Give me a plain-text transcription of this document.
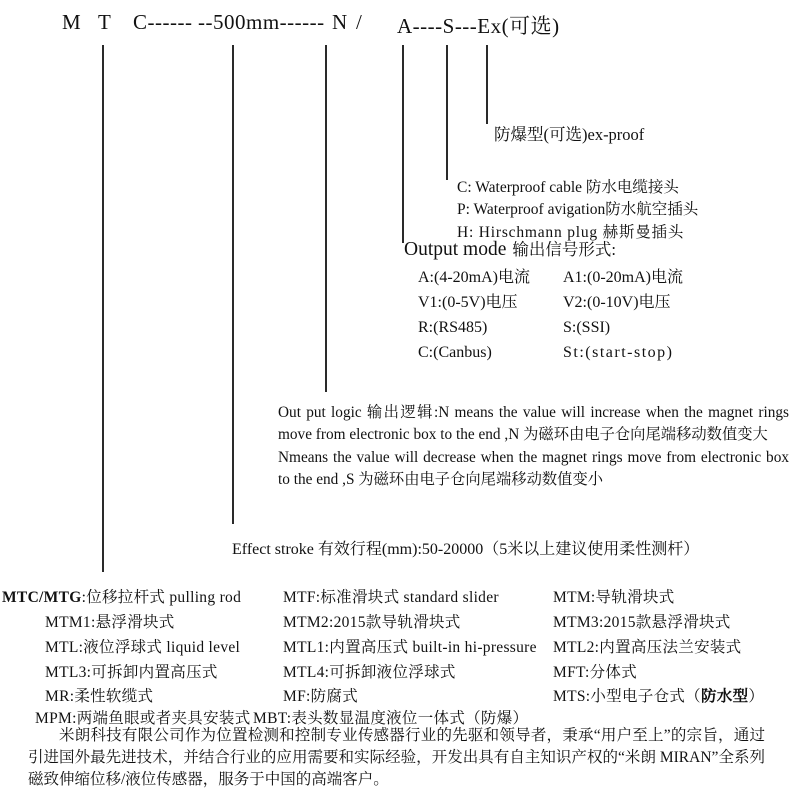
M T C------ --500mm------ N / A----S---Ex(可选)
防爆型(可选)ex-proof
C: Waterproof cable 防水电缆接头
P: Waterproof avigation防水航空插头
H: Hirschmann plug 赫斯曼插头
Output mode 输出信号形式:
A:(4-20mA)电流 A1:(0-20mA)电流
V1:(0-5V)电压	V2:(0-10V)电压
R:(RS485)	S:(SSI)
C:(Canbus)	St:(start-stop)

Out put logic 输出逻辑:N means the value will increase when the magnet rings move from electronic box to the end ,N 为磁环由电子仓向尾端移动数值变大

Nmeans the value will decrease when the magnet rings move from electronic box to the end ,S 为磁环由电子仓向尾端移动数值变小

Effect stroke 有效行程(mm):50-20000（5米以上建议使用柔性测杆）
MTC/MTG:位移拉杆式 pulling rod	MTF:标准滑块式 standard slider	MTM:导轨滑块式
MTM1:悬浮滑块式	MTM2:2015款导轨滑块式	MTM3:2015款悬浮滑块式
MTL:液位浮球式 liquid level	MTL1:内置高压式 built-in hi-pressure MTL2:内置高压法兰安装式
MTL3:可拆卸内置高压式	MTL4:可拆卸液位浮球式	MFT:分体式
MR:柔性软缆式	MF:防腐式	MTS:小型电子仓式（防水型）
MPM:两端鱼眼或者夹具安装式 MBT:表头数显温度液位一体式（防爆）

米朗科技有限公司作为位置检测和控制专业传感器行业的先驱和领导者，秉承“用户至上”的宗旨，通过引进国外最先进技术，并结合行业的应用需要和实际经验，开发出具有自主知识产权的“米朗 MIRAN”全系列磁致伸缩位移/液位传感器，服务于中国的高端客户。
